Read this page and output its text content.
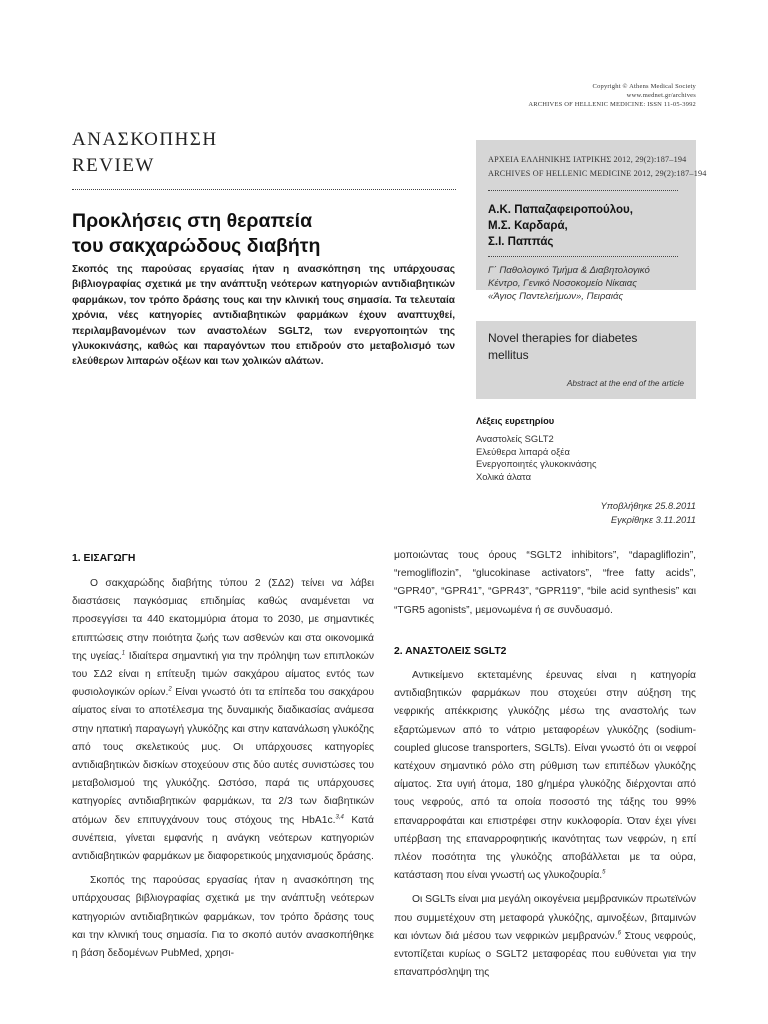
Copyright © Athens Medical Society
www.mednet.gr/archives
ARCHIVES OF HELLENIC MEDICINE: ISSN 11-05-3992
ΑΝΑΣΚΟΠΗΣΗ
REVIEW
Προκλήσεις στη θεραπεία
του σακχαρώδους διαβήτη
Σκοπός της παρούσας εργασίας ήταν η ανασκόπηση της υπάρχουσας βιβλιογραφίας σχετικά με την ανάπτυξη νεότερων κατηγοριών αντιδιαβητικών φαρμάκων, τον τρόπο δράσης τους και την κλινική τους σημασία. Τα τελευταία χρόνια, νέες κατηγορίες αντιδιαβητικών φαρμάκων έχουν αναπτυχθεί, περιλαμβανομένων των αναστολέων SGLT2, των ενεργοποιητών της γλυκοκινάσης, καθώς και παραγόντων που επιδρούν στο μεταβολισμό των ελεύθερων λιπαρών οξέων και των χολικών αλάτων.
ΑΡΧΕΙΑ ΕΛΛΗΝΙΚΗΣ ΙΑΤΡΙΚΗΣ 2012, 29(2):187–194
ARCHIVES OF HELLENIC MEDICINE 2012, 29(2):187–194
Α.Κ. Παπαζαφειροπούλου,
Μ.Σ. Καρδαρά,
Σ.Ι. Παππάς
Γ΄ Παθολογικό Τμήμα & Διαβητολογικό
Κέντρο, Γενικό Νοσοκομείο Νίκαιας
«Άγιος Παντελεήμων», Πειραιάς
Novel therapies for diabetes
mellitus
Abstract at the end of the article
Λέξεις ευρετηρίου
Αναστολείς SGLT2
Ελεύθερα λιπαρά οξέα
Ενεργοποιητές γλυκοκινάσης
Χολικά άλατα
Υποβλήθηκε 25.8.2011
Εγκρίθηκε 3.11.2011
1. ΕΙΣΑΓΩΓΗ

Ο σακχαρώδης διαβήτης τύπου 2 (ΣΔ2) τείνει να λάβει διαστάσεις παγκόσμιας επιδημίας καθώς αναμένεται να προσεγγίσει τα 440 εκατομμύρια άτομα το 2030, με σημαντικές επιπτώσεις στην ποιότητα ζωής των ασθενών και στα οικονομικά της υγείας.$^1$ Ιδιαίτερα σημαντική για την πρόληψη των επιπλοκών του ΣΔ2 είναι η επίτευξη τιμών σακχάρου αίματος εντός των φυσιολογικών ορίων.$^2$ Είναι γνωστό ότι τα επίπεδα του σακχάρου αίματος είναι το αποτέλεσμα της δυναμικής διαδικασίας ανάμεσα στην ηπατική παραγωγή γλυκόζης και στην κατανάλωση γλυκόζης από τους σκελετικούς μυς. Οι υπάρχουσες κατηγορίες αντιδιαβητικών δισκίων στοχεύουν στις δύο αυτές συνιστώσες του μεταβολισμού της γλυκόζης. Ωστόσο, παρά τις υπάρχουσες κατηγορίες αντιδιαβητικών φαρμάκων, τα 2/3 των διαβητικών ατόμων δεν επιτυγχάνουν τους στόχους της HbA1c.$^{3,4}$ Κατά συνέπεια, γίνεται εμφανής η ανάγκη νεότερων κατηγοριών αντιδιαβητικών φαρμάκων με διαφορετικούς μηχανισμούς δράσης.

Σκοπός της παρούσας εργασίας ήταν η ανασκόπηση της υπάρχουσας βιβλιογραφίας σχετικά με την ανάπτυξη νεότερων κατηγοριών αντιδιαβητικών φαρμάκων, τον τρόπο δράσης τους και την κλινική τους σημασία. Για το σκοπό αυτόν ανασκοπήθηκε η βάση δεδομένων PubMed, χρησι-

μοποιώντας τους όρους “SGLT2 inhibitors”, “dapagliflozin”, “remogliflozin”, “glucokinase activators”, “free fatty acids”, “GPR40”, “GPR41”, “GPR43”, “GPR119”, “bile acid synthesis” και “TGR5 agonists”, μεμονωμένα ή σε συνδυασμό.

2. ΑΝΑΣΤΟΛΕΙΣ SGLT2

Αντικείμενο εκτεταμένης έρευνας είναι η κατηγορία αντιδιαβητικών φαρμάκων που στοχεύει στην αύξηση της νεφρικής απέκκρισης γλυκόζης μέσω της αναστολής των εξαρτώμενων από το νάτριο μεταφορέων γλυκόζης (sodium-coupled glucose transporters, SGLTs). Είναι γνωστό ότι οι νεφροί κατέχουν σημαντικό ρόλο στη ρύθμιση των επιπέδων γλυκόζης αίματος. Στα υγιή άτομα, 180 g/ημέρα γλυκόζης διέρχονται από τους νεφρούς, από τα οποία ποσοστό της τάξης του 99% επαναρροφάται και επιστρέφει στην κυκλοφορία. Όταν έχει γίνει υπέρβαση της επαναρροφητικής ικανότητας των νεφρών, η επί πλέον ποσότητα της γλυκόζης αποβάλλεται με τα ούρα, κατάσταση που είναι γνωστή ως γλυκοζουρία.$^5$

Οι SGLTs είναι μια μεγάλη οικογένεια μεμβρανικών πρωτεϊνών που συμμετέχουν στη μεταφορά γλυκόζης, αμινοξέων, βιταμινών και ιόντων διά μέσου των νεφρικών μεμβρανών.$^6$ Στους νεφρούς, εντοπίζεται κυρίως ο SGLT2 μεταφορέας που ευθύνεται για την επαναπρόσληψη της
